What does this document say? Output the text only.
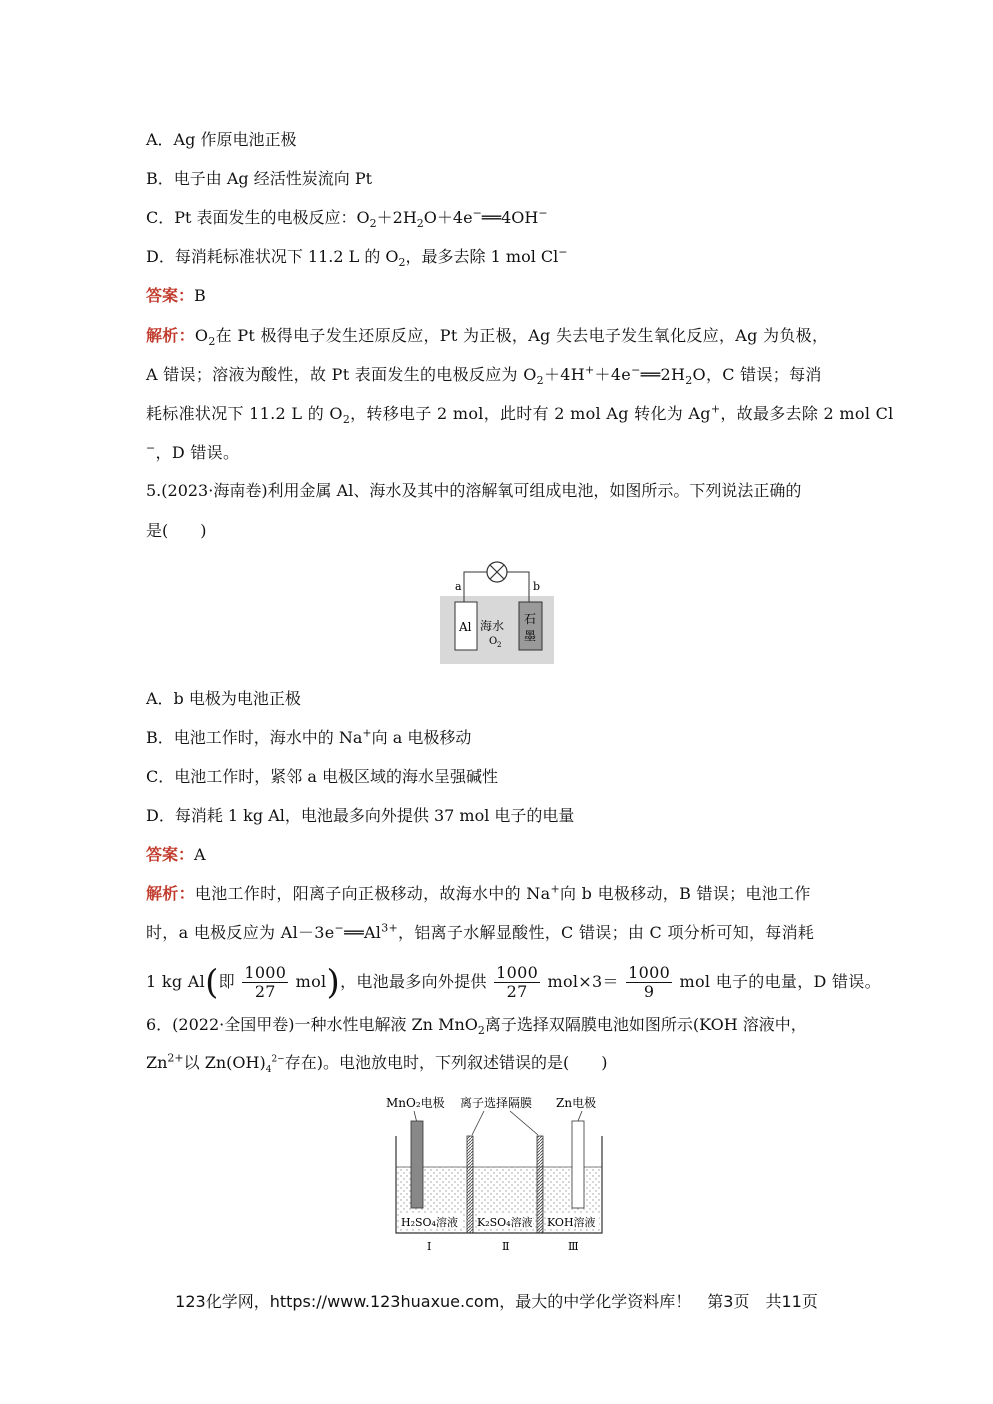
A．Ag 作原电池正极
B．电子由 Ag 经活性炭流向 Pt
C．Pt 表面发生的电极反应：$O_2+2H_2O+4e^-══4OH^-$
D．每消耗标准状况下 11.2 L 的 $O_2$，最多去除 1 mol Cl−
答案：B
解析：$O_2$在 Pt 极得电子发生还原反应，Pt 为正极，Ag 失去电子发生氧化反应，Ag 为负极，
A 错误；溶液为酸性，故 Pt 表面发生的电极反应为 $O_2+4H^++4e^-══2H_2O$，C 错误；每消
耗标准状况下 11.2 L 的 $O_2$，转移电子 2 mol，此时有 2 mol Ag 转化为 Ag+，故最多去除 2 mol Cl
−，D 错误。
5.(2023·海南卷)利用金属 Al、海水及其中的溶解氧可组成电池，如图所示。下列说法正确的
是(　　)
a	b
Al
石
墨
海水
O 2
A．b 电极为电池正极
B．电池工作时，海水中的 Na+向 a 电极移动
C．电池工作时，紧邻 a 电极区域的海水呈强碱性
D．每消耗 1 kg Al，电池最多向外提供 37 mol 电子的电量
答案：A
解析：电池工作时，阳离子向正极移动，故海水中的 Na+向 b 电极移动，B 错误；电池工作
时，a 电极反应为 $Al-3e^-══Al^{3+}$，铝离子水解显酸性，C 错误；由 C 项分析可知，每消耗
1 kg Al(即 $\frac{1000}{27} mol$)，电池最多向外提供 $\frac{1000}{27} mol\times 3= \frac{1000}{9}$ mol 电子的电量，D 错误。
6．(2022·全国甲卷)一种水性电解液 Zn MnO$_2$离子选择双隔膜电池如图所示(KOH 溶液中，
$Zn^{2+}$以 $Zn(OH)_4^{2-}$存在)。电池放电时，下列叙述错误的是(　　)
MnO₂电极 离子选择隔膜 Zn电极
H₂SO₄溶液 K₂SO₄溶液 KOH溶液
Ⅰ	Ⅱ	Ⅲ
123化学网，https://www.123huaxue.com，最大的中学化学资料库！　第3页　共11页
